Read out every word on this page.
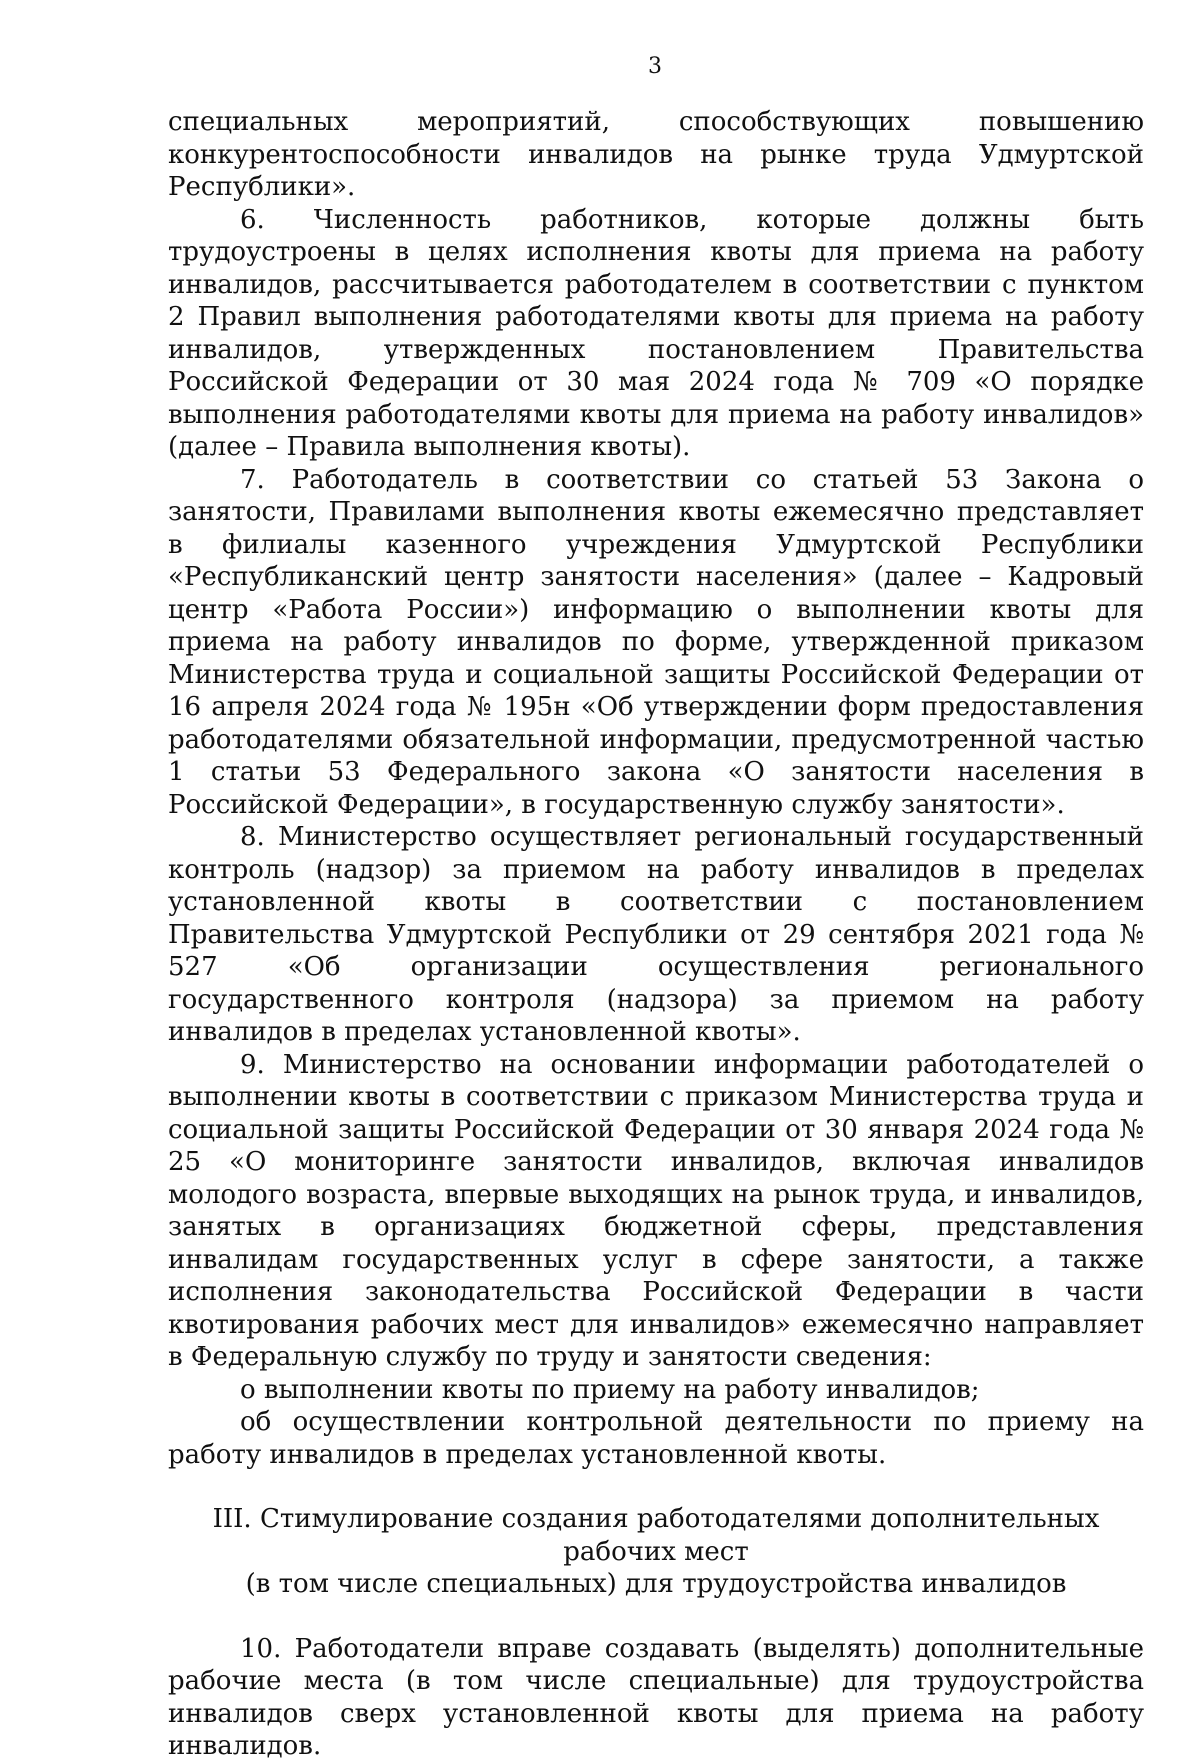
3

специальных мероприятий, способствующих повышению конкурентоспособности инвалидов на рынке труда Удмуртской Республики».

6. Численность работников, которые должны быть трудоустроены в целях исполнения квоты для приема на работу инвалидов, рассчитывается работодателем в соответствии с пунктом 2 Правил выполнения работодателями квоты для приема на работу инвалидов, утвержденных постановлением Правительства Российской Федерации от 30 мая 2024 года № 709 «О порядке выполнения работодателями квоты для приема на работу инвалидов» (далее – Правила выполнения квоты).

7. Работодатель в соответствии со статьей 53 Закона о занятости, Правилами выполнения квоты ежемесячно представляет в филиалы казенного учреждения Удмуртской Республики «Республиканский центр занятости населения» (далее – Кадровый центр «Работа России») информацию о выполнении квоты для приема на работу инвалидов по форме, утвержденной приказом Министерства труда и социальной защиты Российской Федерации от 16 апреля 2024 года № 195н «Об утверждении форм предоставления работодателями обязательной информации, предусмотренной частью 1 статьи 53 Федерального закона «О занятости населения в Российской Федерации», в государственную службу занятости».

8. Министерство осуществляет региональный государственный контроль (надзор) за приемом на работу инвалидов в пределах установленной квоты в соответствии с постановлением Правительства Удмуртской Республики от 29 сентября 2021 года № 527 «Об организации осуществления регионального государственного контроля (надзора) за приемом на работу инвалидов в пределах установленной квоты».

9. Министерство на основании информации работодателей о выполнении квоты в соответствии с приказом Министерства труда и социальной защиты Российской Федерации от 30 января 2024 года № 25 «О мониторинге занятости инвалидов, включая инвалидов молодого возраста, впервые выходящих на рынок труда, и инвалидов, занятых в организациях бюджетной сферы, представления инвалидам государственных услуг в сфере занятости, а также исполнения законодательства Российской Федерации в части квотирования рабочих мест для инвалидов» ежемесячно направляет в Федеральную службу по труду и занятости сведения:

о выполнении квоты по приему на работу инвалидов;

об осуществлении контрольной деятельности по приему на работу инвалидов в пределах установленной квоты.

III. Стимулирование создания работодателями дополнительных рабочих мест
(в том числе специальных) для трудоустройства инвалидов

10. Работодатели вправе создавать (выделять) дополнительные рабочие места (в том числе специальные) для трудоустройства инвалидов сверх установленной квоты для приема на работу инвалидов.
